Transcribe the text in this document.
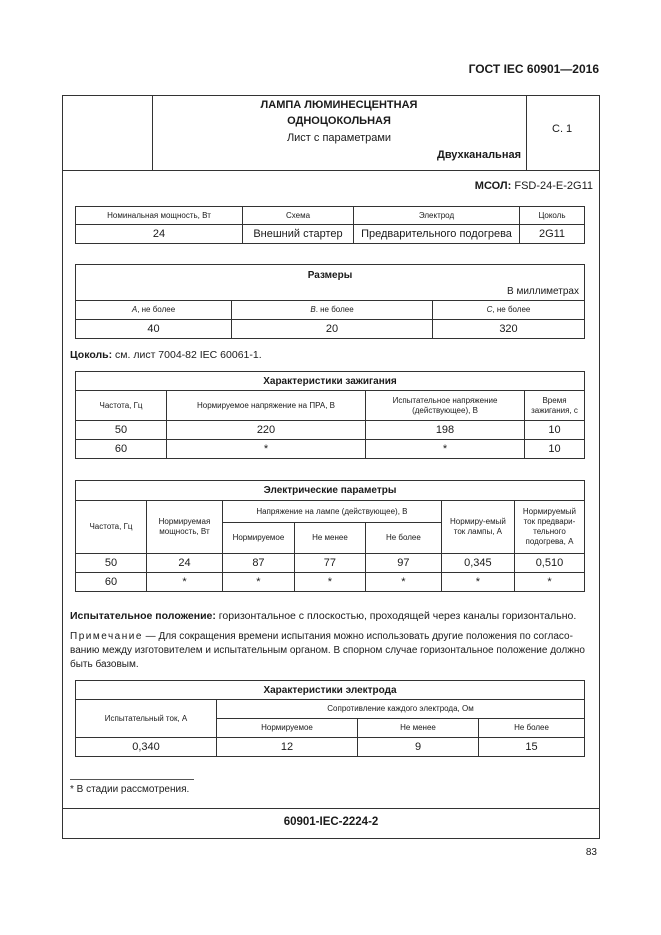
ГОСТ IEC 60901—2016
ЛАМПА ЛЮМИНЕСЦЕНТНАЯ
ОДНОЦОКОЛЬНАЯ
Лист с параметрами
Двухканальная
С. 1
МСОЛ: FSD-24-E-2G11
Номинальная мощность, Вт	Схема	Электрод	Цоколь
24	Внешний стартер	Предварительного подогрева	2G11
Размеры
В миллиметрах		

A, не более	B. не более	C, не более
40	20	320
Цоколь: см. лист 7004-82 IEC 60061-1.
Характеристики зажигания			
Частота, Гц	Нормируемое напряжение на ПРА, В	Испытательное напряжение (действующее), В	Время зажигания, с
50	220	198	10
60	*	*	10
Электрические параметры						
Частота, Гц	Нормируемая мощность, Вт	Напряжение на лампе (действующее), В			Нормиру-емый ток лампы, А	Нормируемый ток предвари-тельного подогрева, А
		Нормируемое	Не менее	Не более		
50	24	87	77	97	0,345	0,510
60	*	*	*	*	*	*
Испытательное положение: горизонтальное с плоскостью, проходящей через каналы горизонтально.
Примечание — Для сокращения времени испытания можно использовать другие положения по согласо-
ванию между изготовителем и испытательным органом. В спорном случае горизонтальное положение должно
быть базовым.
Характеристики электрода			
Испытательный ток, А	Сопротивление каждого электрода, Ом		
	Нормируемое	Не менее	Не более
0,340	12	9	15
* В стадии рассмотрения.
60901-IEC-2224-2
83
